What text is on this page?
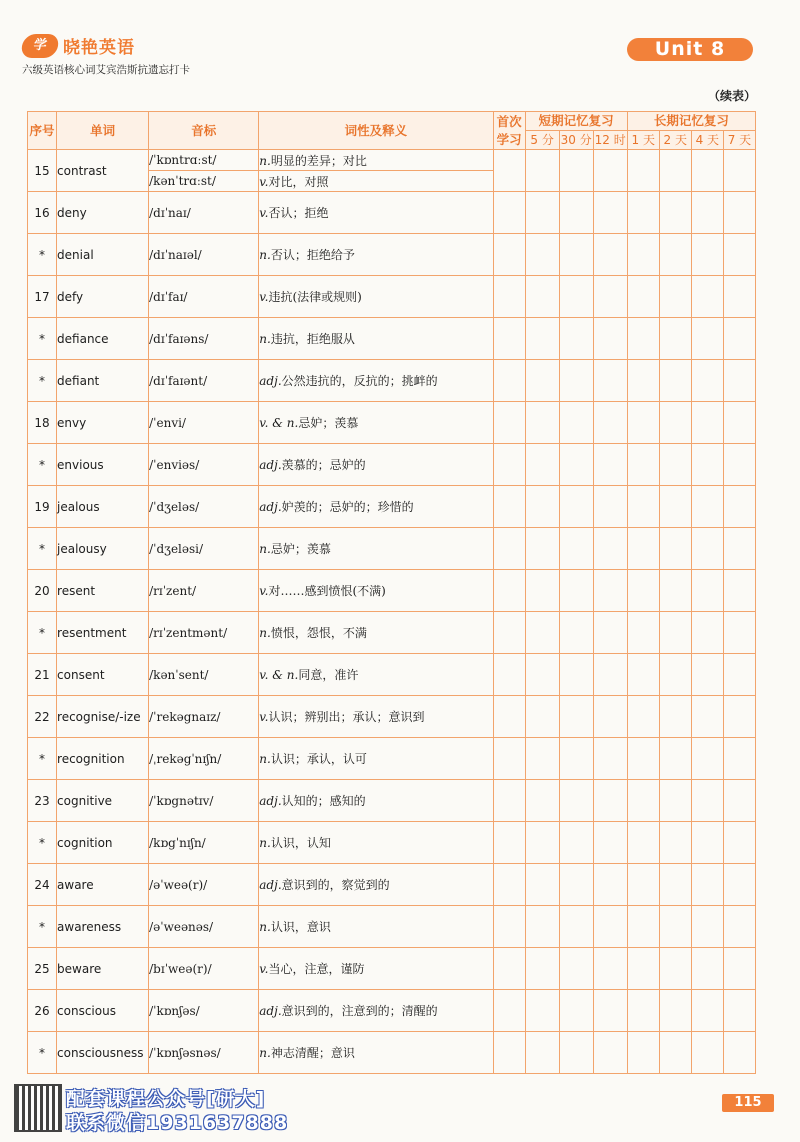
学 晓艳英语
六级英语核心词艾宾浩斯抗遗忘打卡
Unit 8
（续表）
序号	单词	音标	词性及释义	首次学习	短期记忆复习			长期记忆复习			
					5 分	30 分	12 时	1 天	2 天	4 天	7 天
15	contrast	/ˈkɒntrɑːst/	n.明显的差异；对比								
		/kənˈtrɑːst/	v.对比，对照								
16	deny	/dɪˈnaɪ/	v.否认；拒绝								
*	denial	/dɪˈnaɪəl/	n.否认；拒绝给予								
17	defy	/dɪˈfaɪ/	v.违抗(法律或规则)								
*	defiance	/dɪˈfaɪəns/	n.违抗，拒绝服从								
*	defiant	/dɪˈfaɪənt/	adj.公然违抗的，反抗的；挑衅的								
18	envy	/ˈenvi/	v. & n.忌妒；羡慕								
*	envious	/ˈenviəs/	adj.羡慕的；忌妒的								
19	jealous	/ˈdʒeləs/	adj.妒羡的；忌妒的；珍惜的								
*	jealousy	/ˈdʒeləsi/	n.忌妒；羡慕								
20	resent	/rɪˈzent/	v.对……感到愤恨(不满)								
*	resentment	/rɪˈzentmənt/	n.愤恨，怨恨，不满								
21	consent	/kənˈsent/	v. & n.同意，准许								
22	recognise/-ize	/ˈrekəgnaɪz/	v.认识；辨别出；承认；意识到								
*	recognition	/ˌrekəgˈnɪʃn/	n.认识；承认，认可								
23	cognitive	/ˈkɒgnətɪv/	adj.认知的；感知的								
*	cognition	/kɒgˈnɪʃn/	n.认识，认知								
24	aware	/əˈweə(r)/	adj.意识到的，察觉到的								
*	awareness	/əˈweənəs/	n.认识，意识								
25	beware	/bɪˈweə(r)/	v.当心，注意，谨防								
26	conscious	/ˈkɒnʃəs/	adj.意识到的，注意到的；清醒的								
*	consciousness	/ˈkɒnʃəsnəs/	n.神志清醒；意识								
配套课程公众号[研大]
联系微信1931637888
115
